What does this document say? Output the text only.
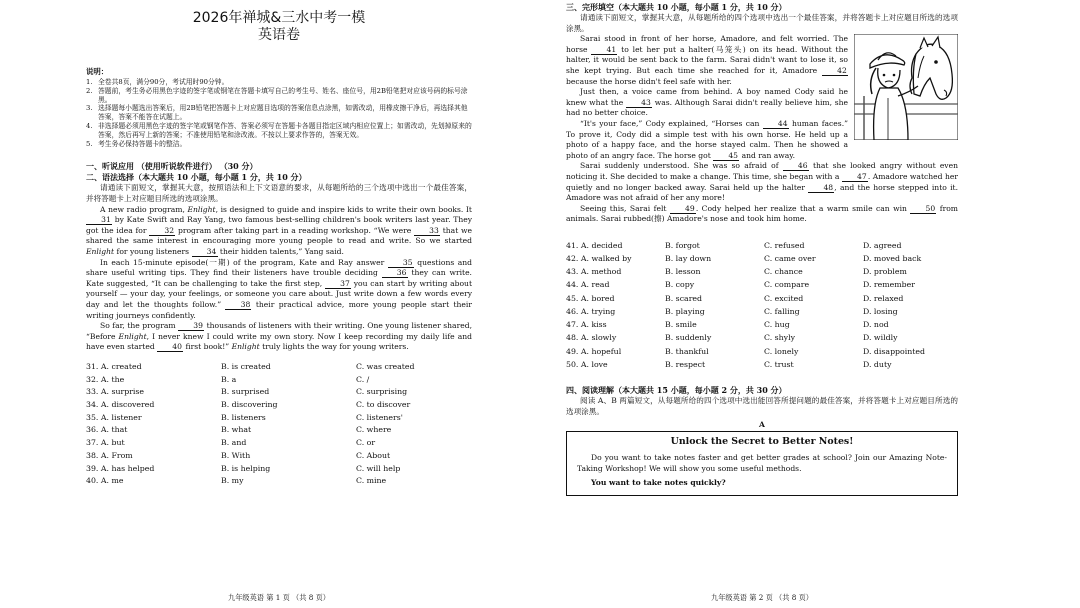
2026年禅城&三水中考一模
英语卷
说明：
1. 全卷共8页，满分90分，考试用时90分钟。
2. 答题前，考生务必用黑色字迹的签字笔或钢笔在答题卡填写自己的考生号、姓名、座位号，用2B铅笔把对应该号码的标号涂黑。
3. 选择题每小题选出答案后，用2B铅笔把答题卡上对应题目选项的答案信息点涂黑，如需改动，用橡皮擦干净后，再选择其他答案，答案不能答在试题上。
4. 非选择题必须用黑色字迹的签字笔或钢笔作答、答案必须写在答题卡各题目指定区域内相应位置上；如需改动，先划掉原来的答案，然后再写上新的答案；不准使用铅笔和涂改液。不按以上要求作答的，答案无效。
5. 考生务必保持答题卡的整洁。

一、听说应用 （使用听说软件进行） （30 分）

二、语法选择（本大题共 10 小题，每小题 1 分，共 10 分）

请通读下面短文，掌握其大意，按照语法和上下文语意的要求，从每题所给的三个选项中选出一个最佳答案，并将答题卡上对应题目所选的选项涂黑。

A new radio program, Enlight, is designed to guide and inspire kids to write their own books. It 31 by Kate Swift and Ray Yang, two famous best-selling children's book writers last year. They got the idea for 32 program after taking part in a reading workshop. “We were 33 that we shared the same interest in encouraging more young people to read and write. So we started Enlight for young listeners 34 their hidden talents,” Yang said.

In each 15-minute episode(一期) of the program, Kate and Ray answer 35 questions and share useful writing tips. They find their listeners have trouble deciding 36 they can write. Kate suggested, “It can be challenging to take the first step, 37 you can start by writing about yourself — your day, your feelings, or someone you care about. Just write down a few words every day and let the thoughts follow.” 38 their practical advice, more young people start their writing journeys confidently.

So far, the program 39 thousands of listeners with their writing. One young listener shared, “Before Enlight, I never knew I could write my own story. Now I keep recording my daily life and have even started 40 first book!” Enlight truly lights the way for young writers.

31. A. created	B. is created	C. was created
32. A. the	B. a	C. /
33. A. surprise	B. surprised	C. surprising
34. A. discovered	B. discovering	C. to discover
35. A. listener	B. listeners	C. listeners'
36. A. that	B. what	C. where
37. A. but	B. and	C. or
38. A. From	B. With	C. About
39. A. has helped	B. is helping	C. will help
40. A. me	B. my	C. mine
九年级英语 第 1 页 （共 8 页）

三、完形填空（本大题共 10 小题，每小题 1 分，共 10 分）

请通读下面短文，掌握其大意，从每题所给的四个选项中选出一个最佳答案，并将答题卡上对应题目所选的选项涂黑。

Sarai stood in front of her horse, Amadore, and felt worried. The horse 41 to let her put a halter(马笼头) on its head. Without the halter, it would be sent back to the farm. Sarai didn't want to lose it, so she kept trying. But each time she reached for it, Amadore 42 because the horse didn't feel safe with her.

Just then, a voice came from behind. A boy named Cody said he knew what the 43 was. Although Sarai didn't really believe him, she had no better choice.

“It's your face,” Cody explained, “Horses can 44 human faces.” To prove it, Cody did a simple test with his own horse. He held up a photo of a happy face, and the horse stayed calm. Then he showed a photo of an angry face. The horse got 45 and ran away.

Sarai suddenly understood. She was so afraid of 46 that she looked angry without even noticing it. She decided to make a change. This time, she began with a 47. Amadore watched her quietly and no longer backed away. Sarai held up the halter 48, and the horse stepped into it. Amadore was not afraid of her any more!

Seeing this, Sarai felt 49. Cody helped her realize that a warm smile can win 50 from animals. Sarai rubbed(擦) Amadore's nose and took him home.

41. A. decided	B. forgot	C. refused	D. agreed
42. A. walked by	B. lay down	C. came over	D. moved back
43. A. method	B. lesson	C. chance	D. problem
44. A. read	B. copy	C. compare	D. remember
45. A. bored	B. scared	C. excited	D. relaxed
46. A. trying	B. playing	C. falling	D. losing
47. A. kiss	B. smile	C. hug	D. nod
48. A. slowly	B. suddenly	C. shyly	D. wildly
49. A. hopeful	B. thankful	C. lonely	D. disappointed
50. A. love	B. respect	C. trust	D. duty

四、阅读理解（本大题共 15 小题，每小题 2 分，共 30 分）

阅读 A、B 两篇短文，从每题所给的四个选项中选出能回答所提问题的最佳答案，并将答题卡上对应题目所选的选项涂黑。

A
Unlock the Secret to Better Notes!

Do you want to take notes faster and get better grades at school? Join our Amazing Note-Taking Workshop! We will show you some useful methods.

You want to take notes quickly?

九年级英语 第 2 页 （共 8 页）
